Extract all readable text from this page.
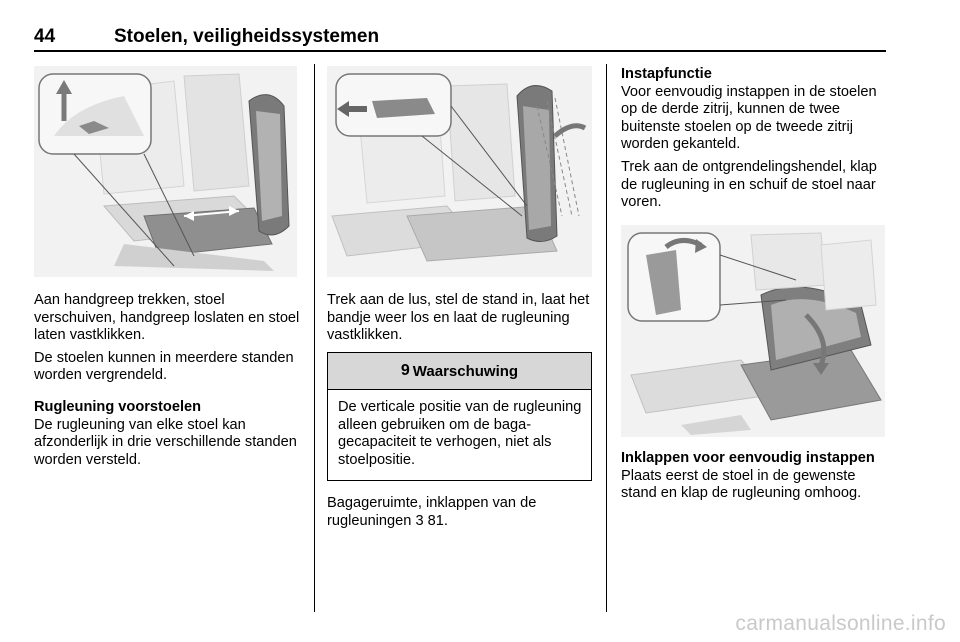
44	Stoelen, veiligheidssystemen

Aan handgreep trekken, stoel verschuiven, handgreep loslaten en stoel laten vastklikken.

De stoelen kunnen in meerdere standen worden vergrendeld.

Rugleuning voorstoelen

De rugleuning van elke stoel kan afzonderlijk in drie verschillende standen worden versteld.

Trek aan de lus, stel de stand in, laat het bandje weer los en laat de rugleuning vastklikken.

9 Waarschuwing
De verticale positie van de rugleuning alleen gebruiken om de bagagecapaciteit te verhogen, niet als stoelpositie.
Bagageruimte, inklappen van de rugleuningen 3 81.

Instapfunctie

Voor eenvoudig instappen in de stoelen op de derde zitrij, kunnen de twee buitenste stoelen op de tweede zitrij worden gekanteld.

Trek aan de ontgrendelingshendel, klap de rugleuning in en schuif de stoel naar voren.

Inklappen voor eenvoudig instappen

Plaats eerst de stoel in de gewenste stand en klap de rugleuning omhoog.

carmanualsonline.info
